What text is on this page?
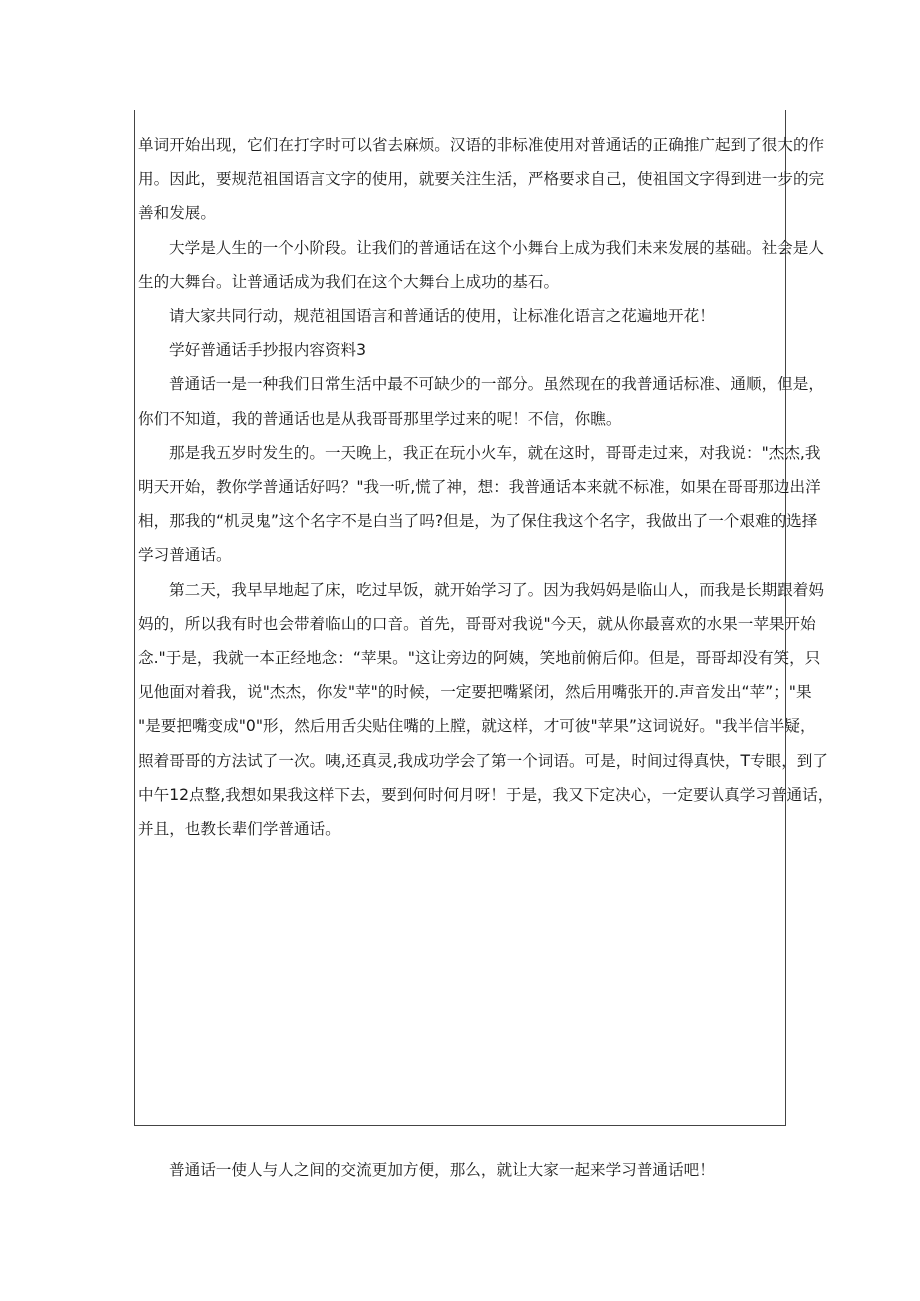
单词开始出现，它们在打字时可以省去麻烦。汉语的非标准使用对普通话的正确推广起到了很大的作
用。因此，要规范祖国语言文字的使用，就要关注生活，严格要求自己，使祖国文字得到进一步的完
善和发展。
大学是人生的一个小阶段。让我们的普通话在这个小舞台上成为我们未来发展的基础。社会是人
生的大舞台。让普通话成为我们在这个大舞台上成功的基石。
请大家共同行动，规范祖国语言和普通话的使用，让标准化语言之花遍地开花！
学好普通话手抄报内容资料3
普通话一是一种我们日常生活中最不可缺少的一部分。虽然现在的我普通话标准、通顺，但是，
你们不知道，我的普通话也是从我哥哥那里学过来的呢！不信，你瞧。
那是我五岁时发生的。一天晚上，我正在玩小火车，就在这时，哥哥走过来，对我说："杰杰,我
明天开始，教你学普通话好吗？"我一听,慌了神，想：我普通话本来就不标准，如果在哥哥那边出洋
相，那我的“机灵鬼”这个名字不是白当了吗?但是，为了保住我这个名字，我做出了一个艰难的选择
学习普通话。
第二天，我早早地起了床，吃过早饭，就开始学习了。因为我妈妈是临山人，而我是长期跟着妈
妈的，所以我有时也会带着临山的口音。首先，哥哥对我说"今天，就从你最喜欢的水果一苹果开始
念."于是，我就一本正经地念：“苹果。"这让旁边的阿姨，笑地前俯后仰。但是，哥哥却没有笑，只
见他面对着我，说"杰杰，你发"苹"的时候，一定要把嘴紧闭，然后用嘴张开的.声音发出“苹”；"果
"是要把嘴变成"0"形，然后用舌尖贴住嘴的上膛，就这样，才可彼"苹果”这词说好。"我半信半疑，
照着哥哥的方法试了一次。咦,还真灵,我成功学会了第一个词语。可是，时间过得真快，T专眼，到了
中午12点整,我想如果我这样下去，要到何时何月呀！于是，我又下定决心，一定要认真学习普通话，
并且，也教长辈们学普通话。
普通话一使人与人之间的交流更加方便，那么，就让大家一起来学习普通话吧！
